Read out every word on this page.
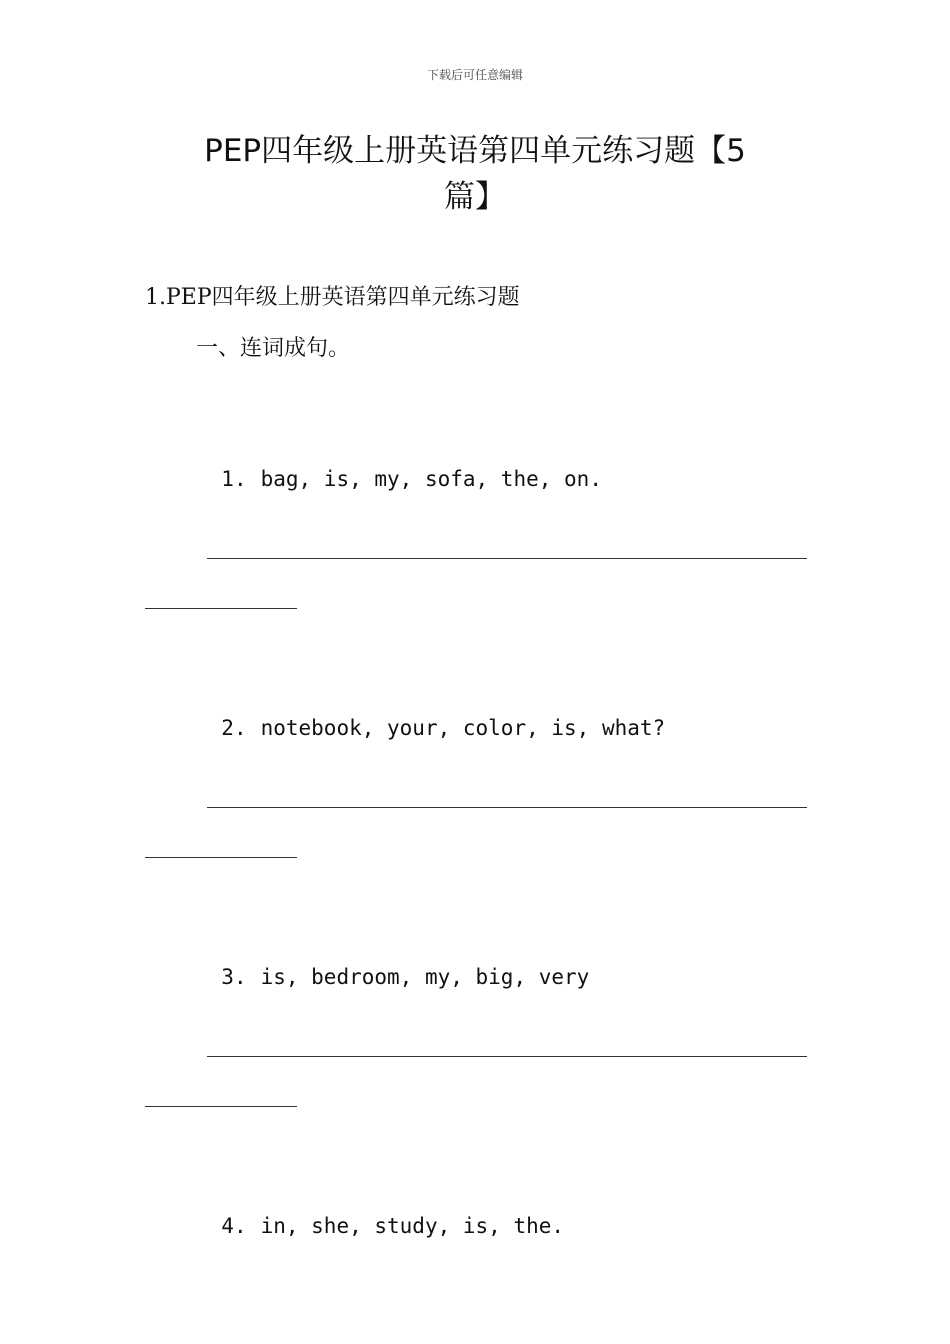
下载后可任意编辑
PEP四年级上册英语第四单元练习题【5
篇】
1.PEP四年级上册英语第四单元练习题
一、连词成句。

1. bag, is, my, sofa, the, on.

2. notebook, your, color, is, what?

3. is, bedroom, my, big, very

4. in, she, study, is, the.
